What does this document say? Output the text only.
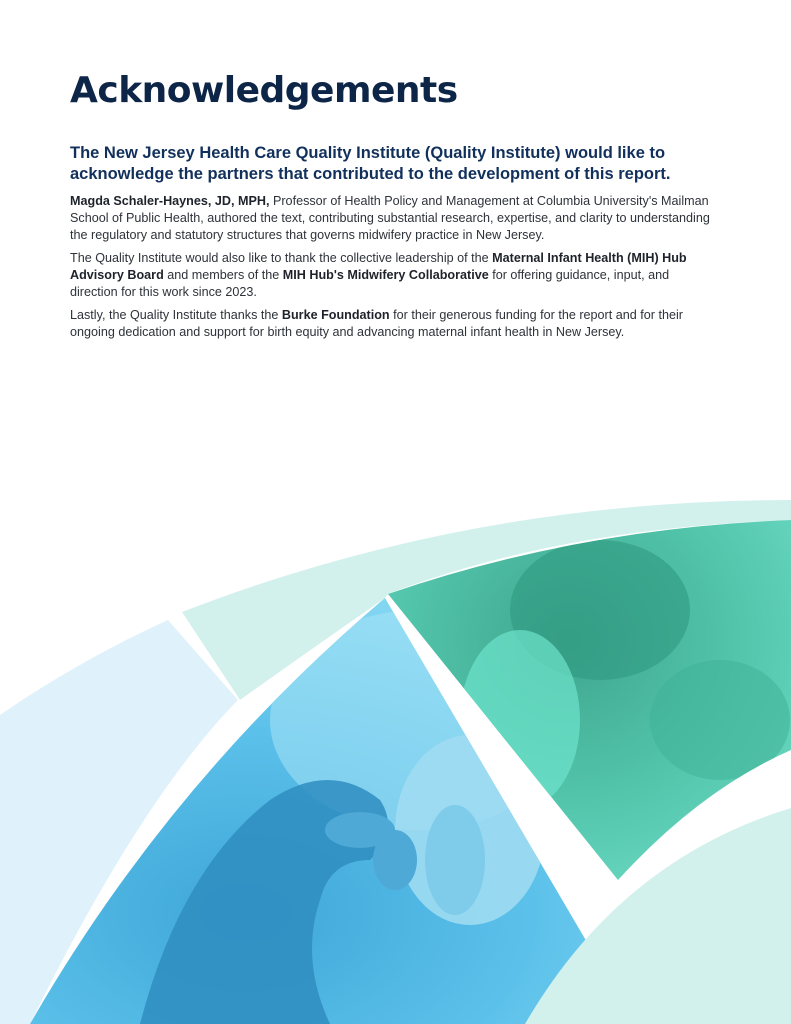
Acknowledgements

The New Jersey Health Care Quality Institute (Quality Institute) would like to acknowledge the partners that contributed to the development of this report.

Magda Schaler-Haynes, JD, MPH, Professor of Health Policy and Management at Columbia University's Mailman School of Public Health, authored the text, contributing substantial research, expertise, and clarity to understanding the regulatory and statutory structures that governs midwifery practice in New Jersey.

The Quality Institute would also like to thank the collective leadership of the Maternal Infant Health (MIH) Hub Advisory Board and members of the MIH Hub's Midwifery Collaborative for offering guidance, input, and direction for this work since 2023.

Lastly, the Quality Institute thanks the Burke Foundation for their generous funding for the report and for their ongoing dedication and support for birth equity and advancing maternal infant health in New Jersey.
